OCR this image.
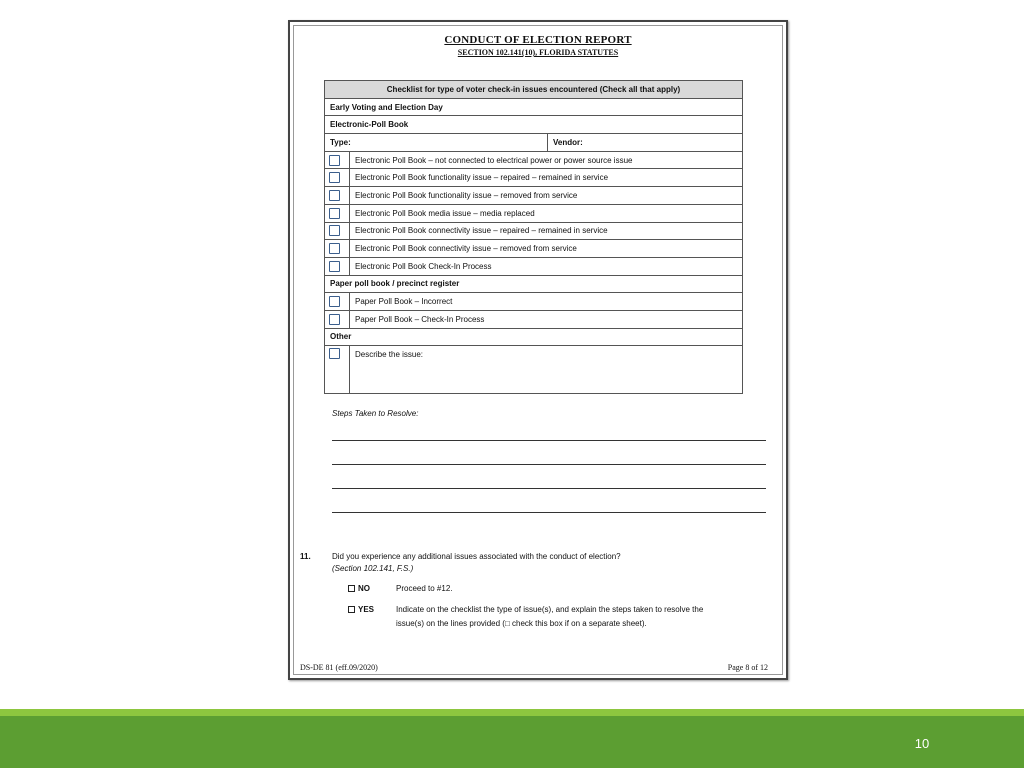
CONDUCT OF ELECTION REPORT
SECTION 102.141(10), FLORIDA STATUTES
Checklist for type of voter check-in issues encountered (Check all that apply)		
Early Voting and Election Day		
Electronic-Poll Book		
Type:		Vendor:

	Electronic Poll Book – not connected to electrical power or power source issue	

	Electronic Poll Book functionality issue – repaired – remained in service	

	Electronic Poll Book functionality issue – removed from service	

	Electronic Poll Book media issue – media replaced	

	Electronic Poll Book connectivity issue – repaired – remained in service	

	Electronic Poll Book connectivity issue – removed from service	

	Electronic Poll Book Check-In Process	
Paper poll book / precinct register		

	Paper Poll Book – Incorrect	

	Paper Poll Book – Check-In Process	
Other		

	Describe the issue:	
Steps Taken to Resolve:
11.	Did you experience any additional issues associated with the conduct of election?
(Section 102.141, F.S.)
NO	Proceed to #12.
YES	Indicate on the checklist the type of issue(s), and explain the steps taken to resolve the
issue(s) on the lines provided (□ check this box if on a separate sheet).
DS-DE 81 (eff.09/2020)	Page 8 of 12
10
